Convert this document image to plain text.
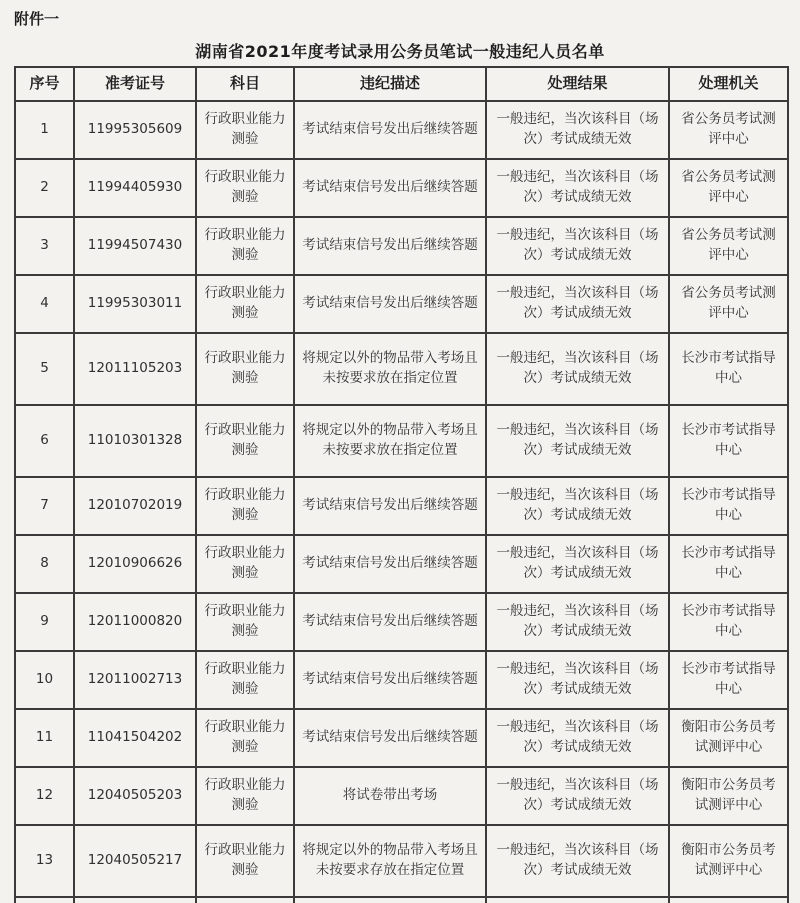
附件一
湖南省2021年度考试录用公务员笔试一般违纪人员名单
序号	准考证号	科目	违纪描述	处理结果	处理机关
1	11995305609	行政职业能力测验	考试结束信号发出后继续答题	一般违纪，当次该科目（场次）考试成绩无效	省公务员考试测评中心
2	11994405930	行政职业能力测验	考试结束信号发出后继续答题	一般违纪，当次该科目（场次）考试成绩无效	省公务员考试测评中心
3	11994507430	行政职业能力测验	考试结束信号发出后继续答题	一般违纪，当次该科目（场次）考试成绩无效	省公务员考试测评中心
4	11995303011	行政职业能力测验	考试结束信号发出后继续答题	一般违纪，当次该科目（场次）考试成绩无效	省公务员考试测评中心
5	12011105203	行政职业能力测验	将规定以外的物品带入考场且未按要求放在指定位置	一般违纪，当次该科目（场次）考试成绩无效	长沙市考试指导中心
6	11010301328	行政职业能力测验	将规定以外的物品带入考场且未按要求放在指定位置	一般违纪，当次该科目（场次）考试成绩无效	长沙市考试指导中心
7	12010702019	行政职业能力测验	考试结束信号发出后继续答题	一般违纪，当次该科目（场次）考试成绩无效	长沙市考试指导中心
8	12010906626	行政职业能力测验	考试结束信号发出后继续答题	一般违纪，当次该科目（场次）考试成绩无效	长沙市考试指导中心
9	12011000820	行政职业能力测验	考试结束信号发出后继续答题	一般违纪，当次该科目（场次）考试成绩无效	长沙市考试指导中心
10	12011002713	行政职业能力测验	考试结束信号发出后继续答题	一般违纪，当次该科目（场次）考试成绩无效	长沙市考试指导中心
11	11041504202	行政职业能力测验	考试结束信号发出后继续答题	一般违纪，当次该科目（场次）考试成绩无效	衡阳市公务员考试测评中心
12	12040505203	行政职业能力测验	将试卷带出考场	一般违纪，当次该科目（场次）考试成绩无效	衡阳市公务员考试测评中心
13	12040505217	行政职业能力测验	将规定以外的物品带入考场且未按要求存放在指定位置	一般违纪，当次该科目（场次）考试成绩无效	衡阳市公务员考试测评中心
